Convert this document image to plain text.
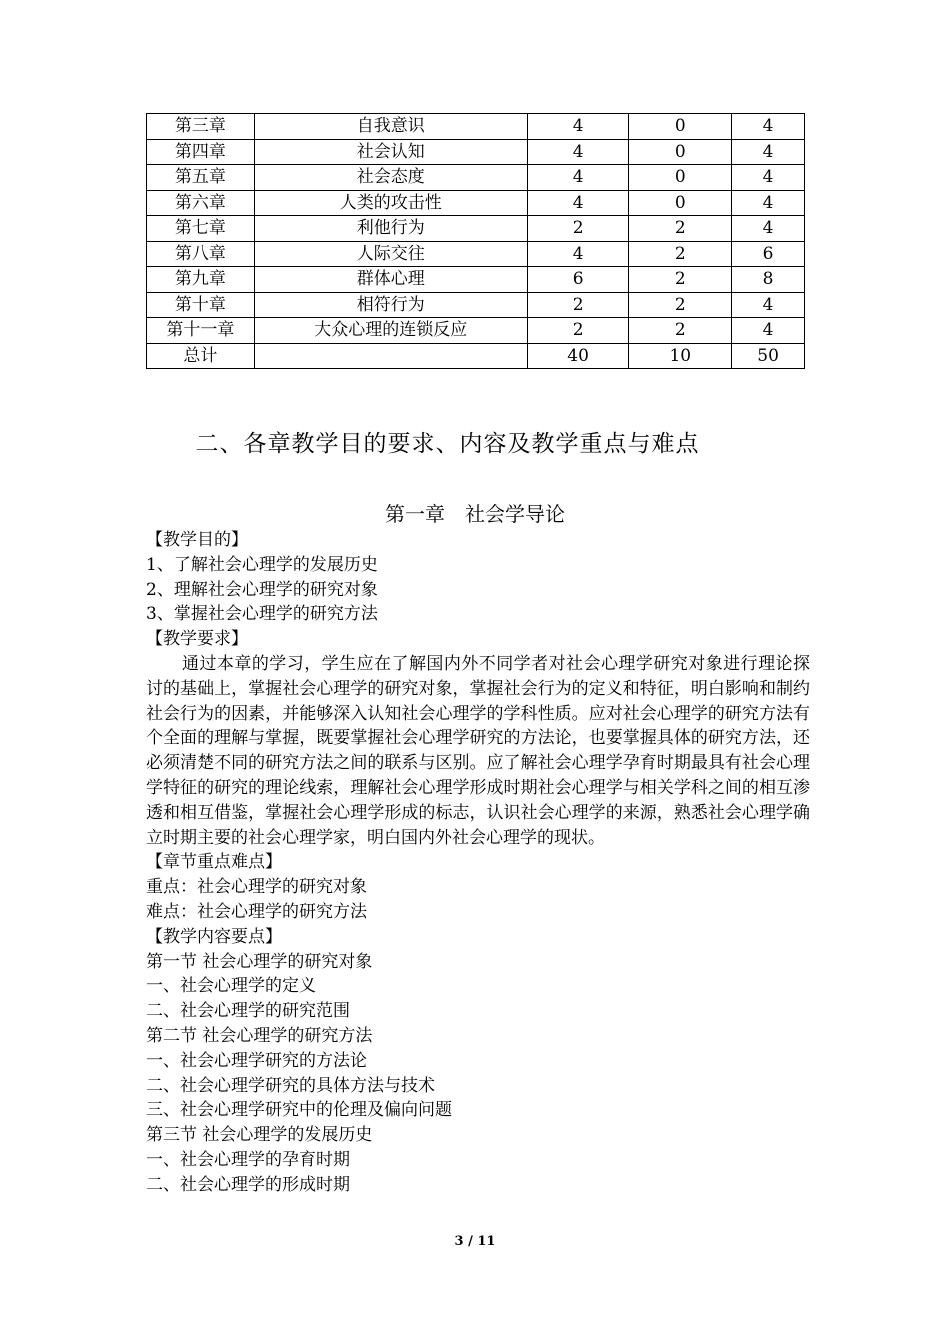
第三章	自我意识	4	0	4
第四章	社会认知	4	0	4
第五章	社会态度	4	0	4
第六章	人类的攻击性	4	0	4
第七章	利他行为	2	2	4
第八章	人际交往	4	2	6
第九章	群体心理	6	2	8
第十章	相符行为	2	2	4
第十一章	大众心理的连锁反应	2	2	4
总计		40	10	50
二、各章教学目的要求、内容及教学重点与难点
第一章　社会学导论

【教学目的】

1、了解社会心理学的发展历史

2、理解社会心理学的研究对象

3、掌握社会心理学的研究方法

【教学要求】

通过本章的学习，学生应在了解国内外不同学者对社会心理学研究对象进行理论探讨的基础上，掌握社会心理学的研究对象，掌握社会行为的定义和特征，明白影响和制约社会行为的因素，并能够深入认知社会心理学的学科性质。应对社会心理学的研究方法有个全面的理解与掌握，既要掌握社会心理学研究的方法论，也要掌握具体的研究方法，还必须清楚不同的研究方法之间的联系与区别。应了解社会心理学孕育时期最具有社会心理学特征的研究的理论线索，理解社会心理学形成时期社会心理学与相关学科之间的相互渗透和相互借鉴，掌握社会心理学形成的标志，认识社会心理学的来源，熟悉社会心理学确立时期主要的社会心理学家，明白国内外社会心理学的现状。

【章节重点难点】

重点：社会心理学的研究对象

难点：社会心理学的研究方法

【教学内容要点】

第一节 社会心理学的研究对象

一、社会心理学的定义

二、社会心理学的研究范围

第二节 社会心理学的研究方法

一、社会心理学研究的方法论

二、社会心理学研究的具体方法与技术

三、社会心理学研究中的伦理及偏向问题

第三节 社会心理学的发展历史

一、社会心理学的孕育时期

二、社会心理学的形成时期

3 / 11
